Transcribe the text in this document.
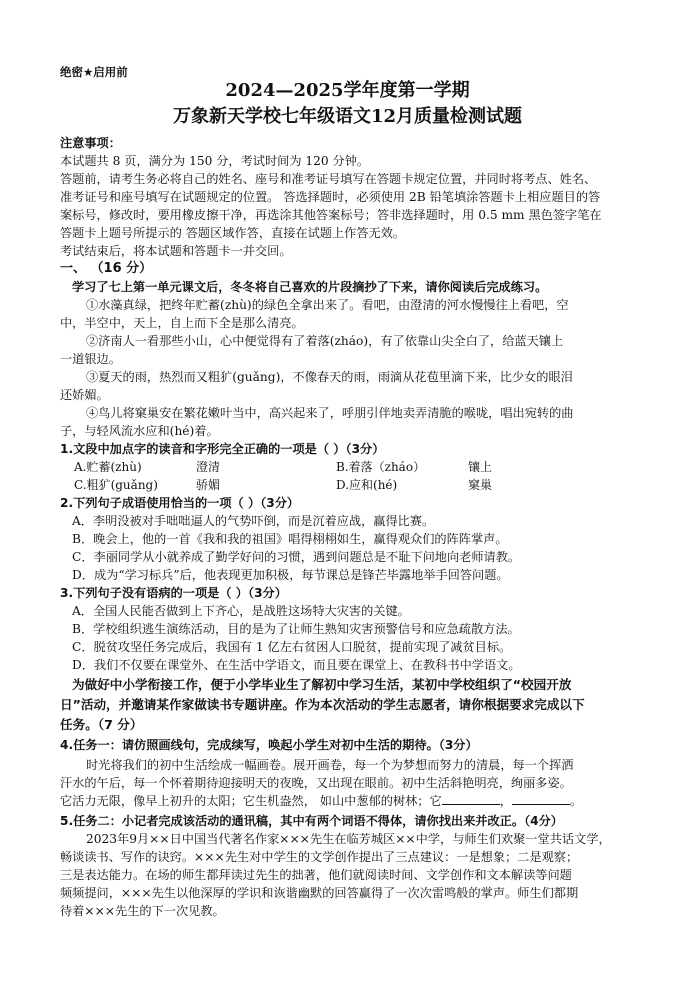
绝密★启用前
2024—2025学年度第一学期
万象新天学校七年级语文12月质量检测试题
注意事项：
本试题共 8 页，满分为 150 分，考试时间为 120 分钟。
答题前，请考生务必将自己的姓名、座号和准考证号填写在答题卡规定位置，并同时将考点、姓名、
准考证号和座号填写在试题规定的位置。 答选择题时，必须使用 2B 铅笔填涂答题卡上相应题目的答
案标号，修改时，要用橡皮擦干净，再选涂其他答案标号；答非选择题时，用 0.5 mm 黑色签字笔在
答题卡上题号所提示的 答题区域作答，直接在试题上作答无效。
考试结束后，将本试题和答题卡一并交回。
一、 （16 分）
学习了七上第一单元课文后，冬冬将自己喜欢的片段摘抄了下来，请你阅读后完成练习。
①水藻真绿，把终年贮蓄(zhù)的绿色全拿出来了。看吧，由澄清的河水慢慢往上看吧，空
中，半空中，天上，自上而下全是那么清亮。
②济南人一看那些小山，心中便觉得有了着落(zháo)，有了依靠山尖全白了，给蓝天镶上
一道银边。
③夏天的雨，热烈而又粗犷(guǎng)，不像春天的雨，雨滴从花苞里滴下来，比少女的眼泪
还娇媚。
④鸟儿将窠巢安在繁花嫩叶当中，高兴起来了，呼朋引伴地卖弄清脆的喉咙，唱出宛转的曲
子，与轻风流水应和(hé)着。
1.文段中加点字的读音和字形完全正确的一项是（ ）（3分）
A.贮蓄(zhù)	澄清	B.着落（zháo）	镶上
C.粗犷(guǎng)	骄媚	D.应和(hé)	窠巢
2.下列句子成语使用恰当的一项（ ）（3分）
A．李明没被对手咄咄逼人的气势吓倒，而是沉着应战，赢得比赛。
B．晚会上，他的一首《我和我的祖国》唱得栩栩如生，赢得观众们的阵阵掌声。
C．李丽同学从小就养成了勤学好问的习惯，遇到问题总是不耻下问地向老师请教。
D．成为“学习标兵”后，他表现更加积极，每节课总是锋芒毕露地举手回答问题。
3.下列句子没有语病的一项是（ ）（3分）
A．全国人民能否做到上下齐心，是战胜这场特大灾害的关键。
B．学校组织逃生演练活动，目的是为了让师生熟知灾害预警信号和应急疏散方法。
C．脱贫攻坚任务完成后，我国有 1 亿左右贫困人口脱贫，提前实现了减贫目标。
D．我们不仅要在课堂外、在生活中学语文，而且要在课堂上、在教科书中学语文。
为做好中小学衔接工作，便于小学毕业生了解初中学习生活，某初中学校组织了“校园开放
日”活动，并邀请某作家做读书专题讲座。作为本次活动的学生志愿者，请你根据要求完成以下
任务。（7 分）
4.任务一：请仿照画线句，完成续写，唤起小学生对初中生活的期待。（3分）
时光将我们的初中生活绘成一幅画卷。展开画卷，每一个为梦想而努力的清晨，每一个挥洒
汗水的午后，每一个怀着期待迎接明天的夜晚，又出现在眼前。初中生活斜艳明亮，绚丽多姿。
它活力无限，像早上初升的太阳；它生机盎然， 如山中葱郁的树林；它	，	。
5.任务二：小记者完成该活动的通讯稿，其中有两个词语不得体，请你找出来并改正。（4分）
2023年9月××日中国当代著名作家×××先生在临芳城区××中学，与师生们欢聚一堂共话文学，
畅谈读书、写作的诀窍。×××先生对中学生的文学创作提出了三点建议：一是想象；二是观察；
三是表达能力。在场的师生都拜读过先生的拙著，他们就阅读时间、文学创作和文本解读等问题
频频提问，×××先生以他深厚的学识和诙谐幽默的回答赢得了一次次雷鸣般的掌声。师生们都期
待着×××先生的下一次见教。
